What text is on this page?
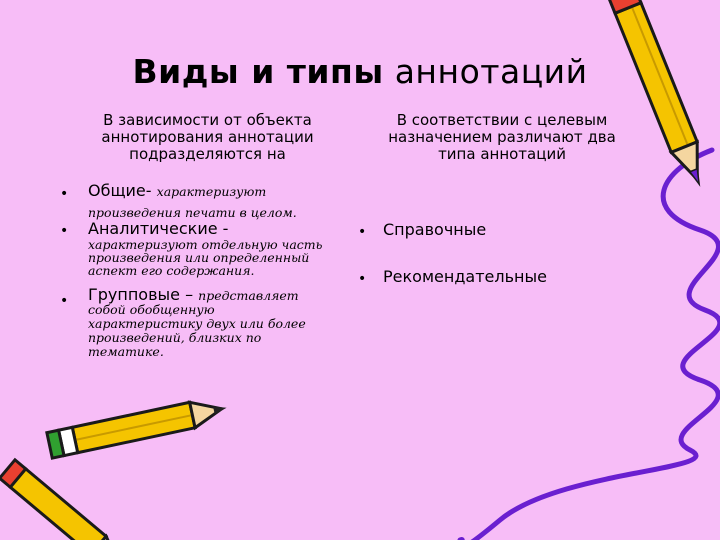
Виды и типы аннотаций
В зависимости от объекта аннотирования аннотации подразделяются на
В соответствии с целевым назначением различают два типа аннотаций
• Общие- характеризуют произведения печати в целом.
• Аналитические -
характеризуют отдельную часть произведения или определенный аспект его содержания.
• Групповые – представляет собой обобщенную характеристику двух или более произведений, близких по тематике.
• Справочные
• Рекомендательные
